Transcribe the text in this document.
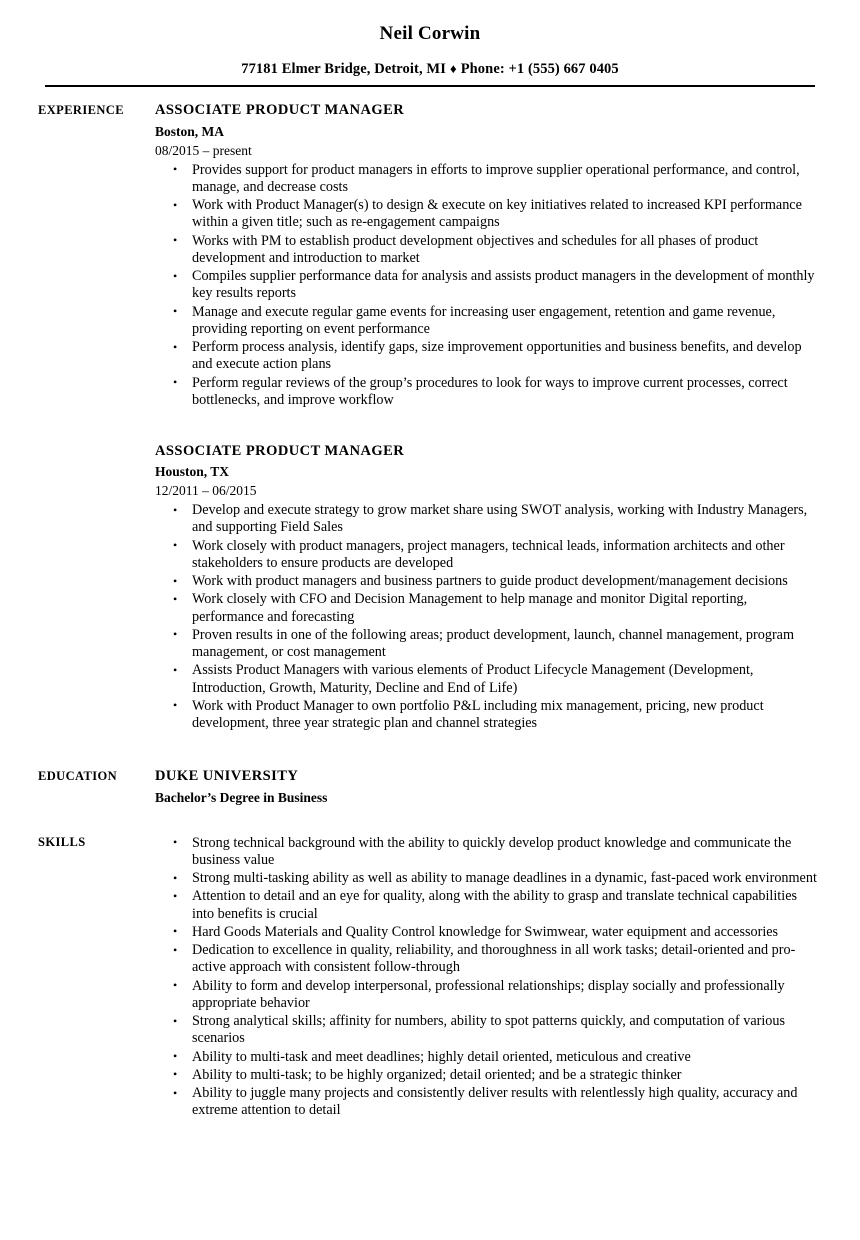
Neil Corwin
77181 Elmer Bridge, Detroit, MI ♦ Phone: +1 (555) 667 0405
EXPERIENCE	ASSOCIATE PRODUCT MANAGER
Boston, MA
08/2015 – present
• Provides support for product managers in efforts to improve supplier operational performance, and control, manage, and decrease costs
• Work with Product Manager(s) to design & execute on key initiatives related to increased KPI performance within a given title; such as re-engagement campaigns
• Works with PM to establish product development objectives and schedules for all phases of product development and introduction to market
• Compiles supplier performance data for analysis and assists product managers in the development of monthly key results reports
• Manage and execute regular game events for increasing user engagement, retention and game revenue, providing reporting on event performance
• Perform process analysis, identify gaps, size improvement opportunities and business benefits, and develop and execute action plans
• Perform regular reviews of the group’s procedures to look for ways to improve current processes, correct bottlenecks, and improve workflow
ASSOCIATE PRODUCT MANAGER
Houston, TX
12/2011 – 06/2015
• Develop and execute strategy to grow market share using SWOT analysis, working with Industry Managers, and supporting Field Sales
• Work closely with product managers, project managers, technical leads, information architects and other stakeholders to ensure products are developed
• Work with product managers and business partners to guide product development/management decisions
• Work closely with CFO and Decision Management to help manage and monitor Digital reporting, performance and forecasting
• Proven results in one of the following areas; product development, launch, channel management, program management, or cost management
• Assists Product Managers with various elements of Product Lifecycle Management (Development, Introduction, Growth, Maturity, Decline and End of Life)
• Work with Product Manager to own portfolio P&L including mix management, pricing, new product development, three year strategic plan and channel strategies
EDUCATION	DUKE UNIVERSITY
Bachelor’s Degree in Business
SKILLS	• Strong technical background with the ability to quickly develop product knowledge and communicate the business value
• Strong multi-tasking ability as well as ability to manage deadlines in a dynamic, fast-paced work environment
• Attention to detail and an eye for quality, along with the ability to grasp and translate technical capabilities into benefits is crucial
• Hard Goods Materials and Quality Control knowledge for Swimwear, water equipment and accessories
• Dedication to excellence in quality, reliability, and thoroughness in all work tasks; detail-oriented and pro-active approach with consistent follow-through
• Ability to form and develop interpersonal, professional relationships; display socially and professionally appropriate behavior
• Strong analytical skills; affinity for numbers, ability to spot patterns quickly, and computation of various scenarios
• Ability to multi-task and meet deadlines; highly detail oriented, meticulous and creative
• Ability to multi-task; to be highly organized; detail oriented; and be a strategic thinker
• Ability to juggle many projects and consistently deliver results with relentlessly high quality, accuracy and extreme attention to detail
